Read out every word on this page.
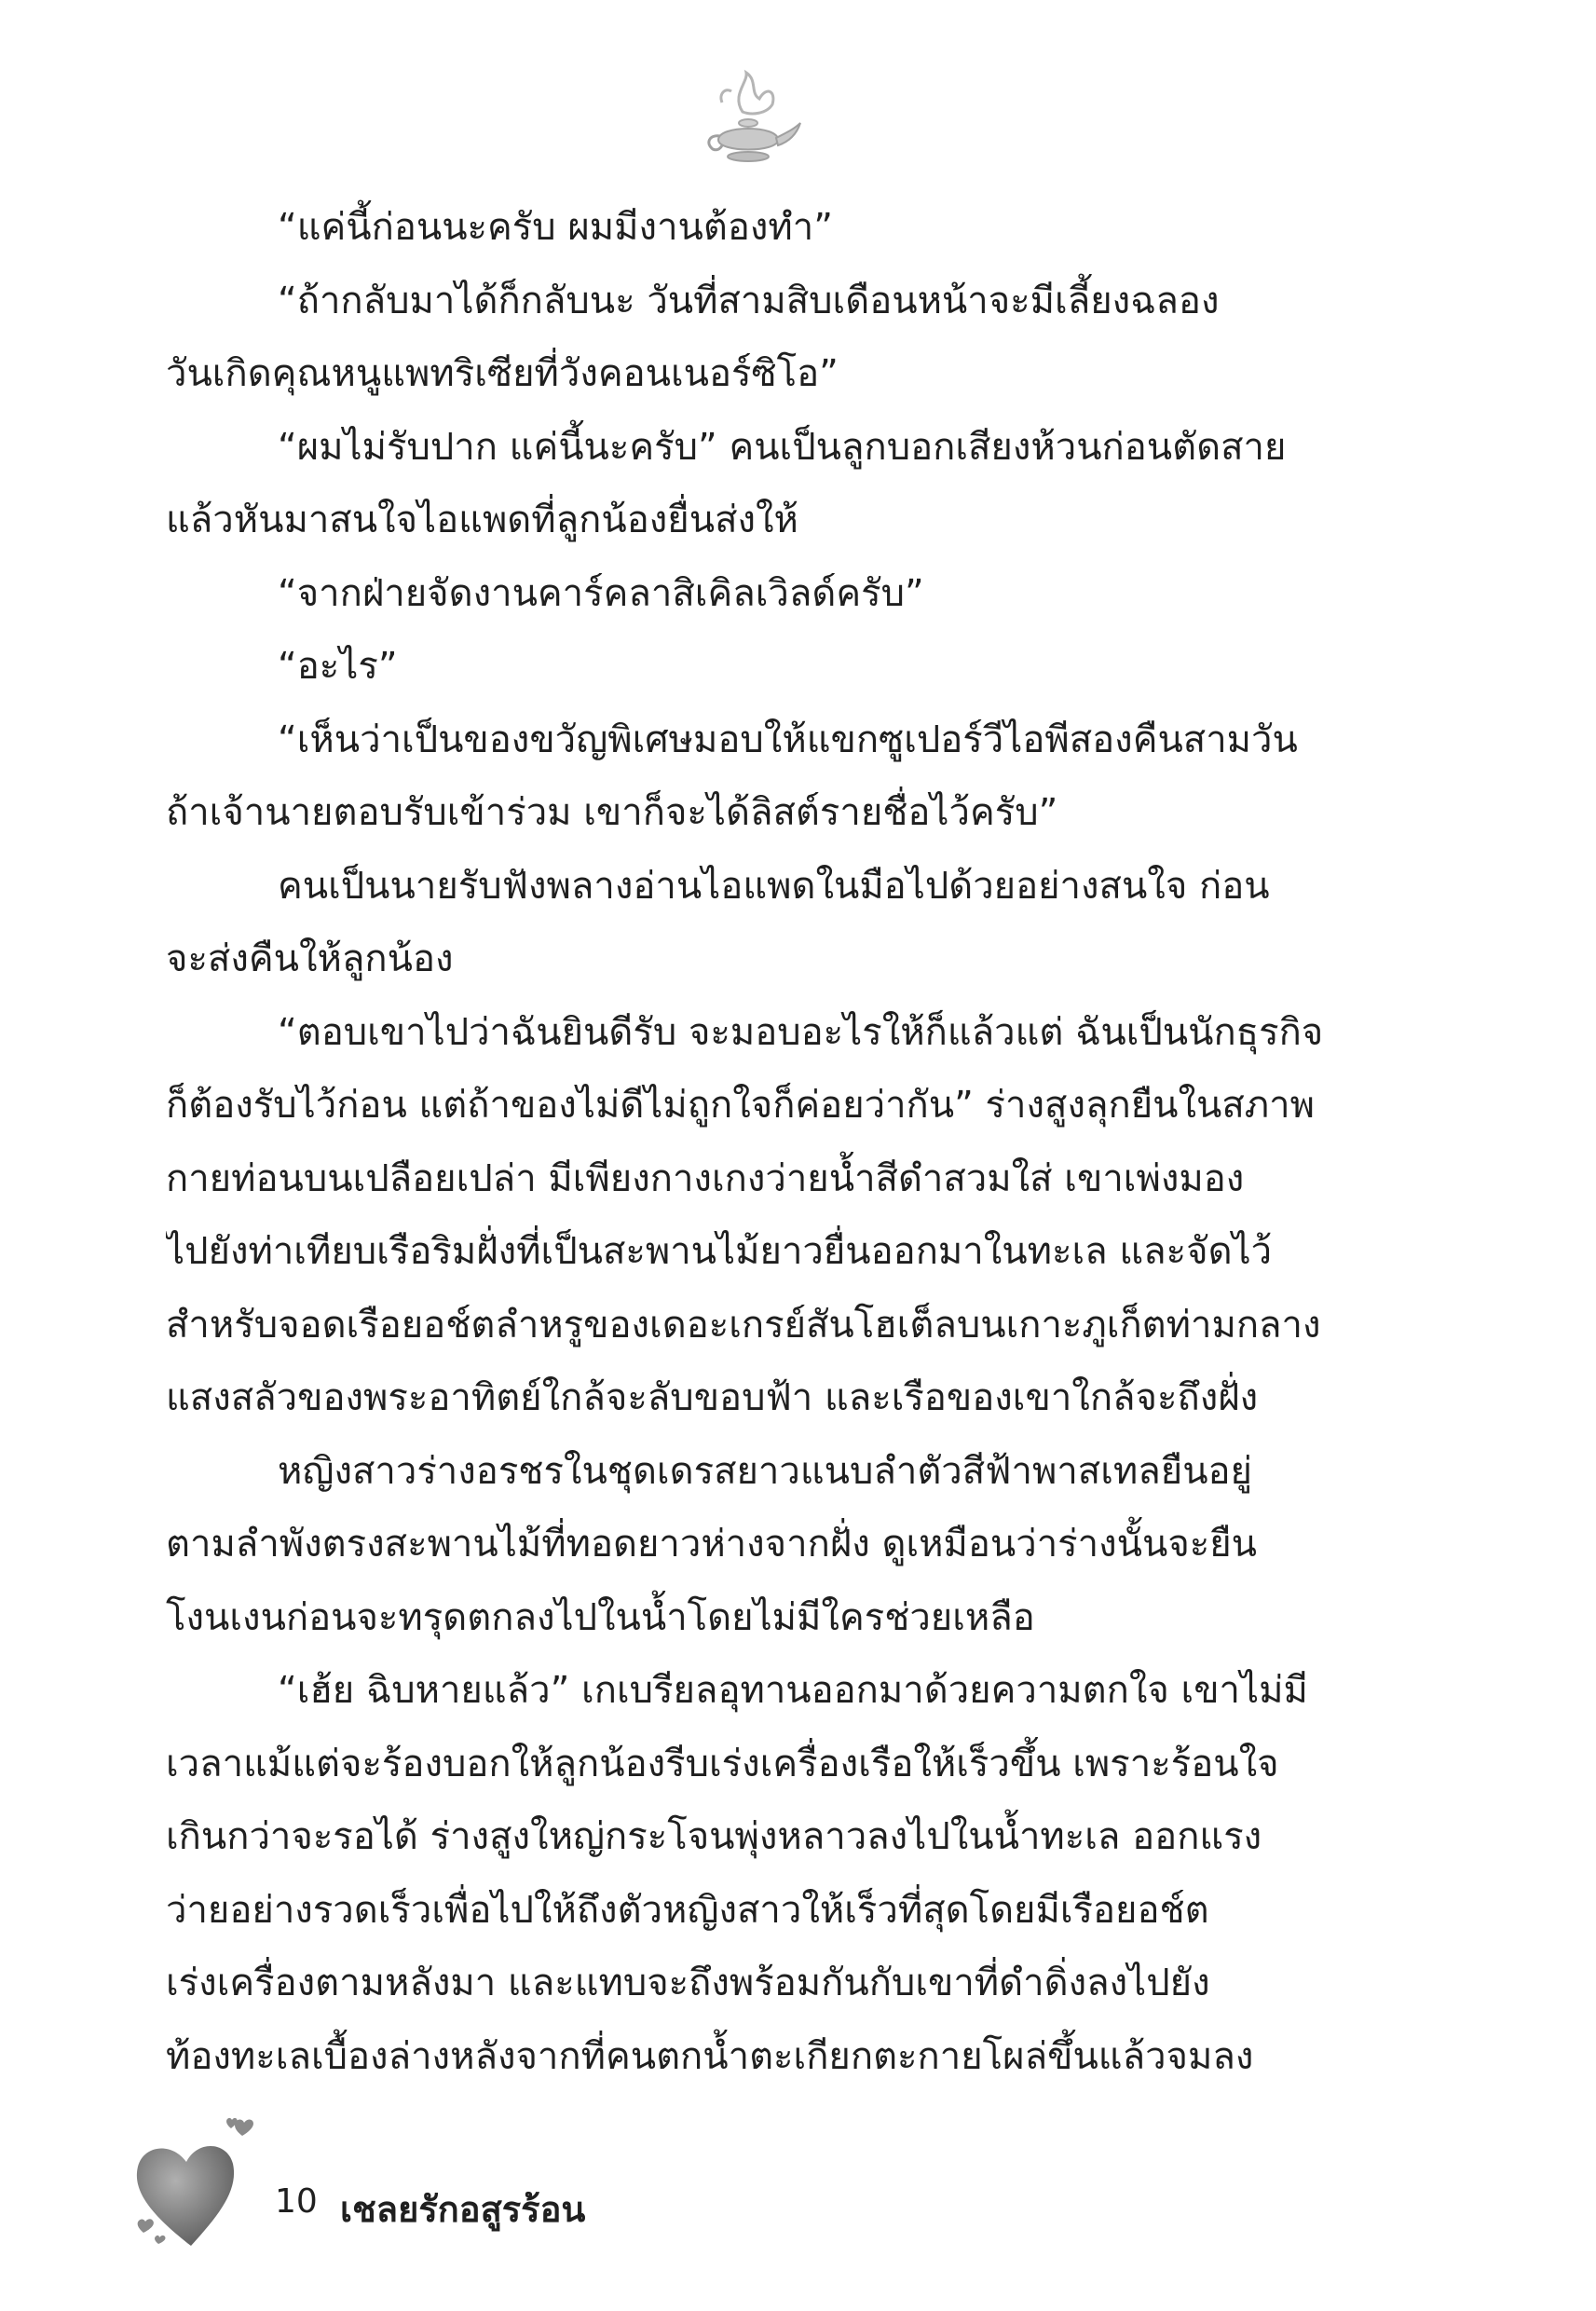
“แค่นี้ก่อนนะครับ ผมมีงานต้องทำ”
“ถ้ากลับมาได้ก็กลับนะ วันที่สามสิบเดือนหน้าจะมีเลี้ยงฉลอง
วันเกิดคุณหนูแพทริเซียที่วังคอนเนอร์ซิโอ”
“ผมไม่รับปาก แค่นี้นะครับ” คนเป็นลูกบอกเสียงห้วนก่อนตัดสาย
แล้วหันมาสนใจไอแพดที่ลูกน้องยื่นส่งให้
“จากฝ่ายจัดงานคาร์คลาสิเคิลเวิลด์ครับ”
“อะไร”
“เห็นว่าเป็นของขวัญพิเศษมอบให้แขกซูเปอร์วีไอพีสองคืนสามวัน
ถ้าเจ้านายตอบรับเข้าร่วม เขาก็จะได้ลิสต์รายชื่อไว้ครับ”
คนเป็นนายรับฟังพลางอ่านไอแพดในมือไปด้วยอย่างสนใจ ก่อน
จะส่งคืนให้ลูกน้อง
“ตอบเขาไปว่าฉันยินดีรับ จะมอบอะไรให้ก็แล้วแต่ ฉันเป็นนักธุรกิจ
ก็ต้องรับไว้ก่อน แต่ถ้าของไม่ดีไม่ถูกใจก็ค่อยว่ากัน” ร่างสูงลุกยืนในสภาพ
กายท่อนบนเปลือยเปล่า มีเพียงกางเกงว่ายน้ำสีดำสวมใส่ เขาเพ่งมอง
ไปยังท่าเทียบเรือริมฝั่งที่เป็นสะพานไม้ยาวยื่นออกมาในทะเล และจัดไว้
สำหรับจอดเรือยอช์ตลำหรูของเดอะเกรย์สันโฮเต็ลบนเกาะภูเก็ตท่ามกลาง
แสงสลัวของพระอาทิตย์ใกล้จะลับขอบฟ้า และเรือของเขาใกล้จะถึงฝั่ง
หญิงสาวร่างอรชรในชุดเดรสยาวแนบลำตัวสีฟ้าพาสเทลยืนอยู่
ตามลำพังตรงสะพานไม้ที่ทอดยาวห่างจากฝั่ง ดูเหมือนว่าร่างนั้นจะยืน
โงนเงนก่อนจะทรุดตกลงไปในน้ำโดยไม่มีใครช่วยเหลือ
“เฮ้ย ฉิบหายแล้ว” เกเบรียลอุทานออกมาด้วยความตกใจ เขาไม่มี
เวลาแม้แต่จะร้องบอกให้ลูกน้องรีบเร่งเครื่องเรือให้เร็วขึ้น เพราะร้อนใจ
เกินกว่าจะรอได้ ร่างสูงใหญ่กระโจนพุ่งหลาวลงไปในน้ำทะเล ออกแรง
ว่ายอย่างรวดเร็วเพื่อไปให้ถึงตัวหญิงสาวให้เร็วที่สุดโดยมีเรือยอช์ต
เร่งเครื่องตามหลังมา และแทบจะถึงพร้อมกันกับเขาที่ดำดิ่งลงไปยัง
ท้องทะเลเบื้องล่างหลังจากที่คนตกน้ำตะเกียกตะกายโผล่ขึ้นแล้วจมลง
10 เชลยรักอสูรร้อน
